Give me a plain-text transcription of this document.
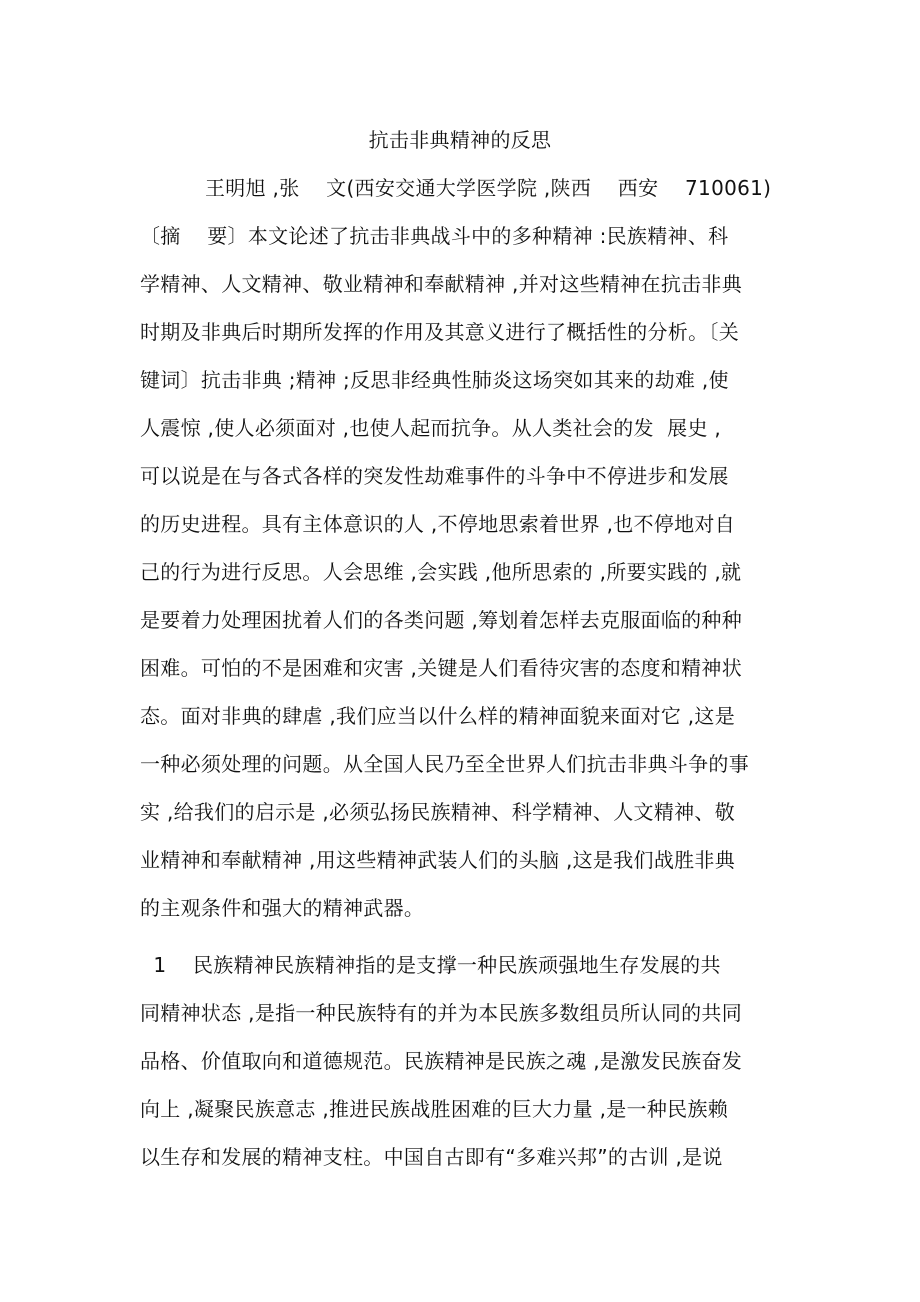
抗击非典精神的反思
王明旭 ,张    文(西安交通大学医学院 ,陕西    西安    710061)
〔摘    要〕本文论述了抗击非典战斗中的多种精神 :民族精神、科
学精神、人文精神、敬业精神和奉献精神 ,并对这些精神在抗击非典
时期及非典后时期所发挥的作用及其意义进行了概括性的分析。〔关
键词〕抗击非典 ;精神 ;反思非经典性肺炎这场突如其来的劫难 ,使
人震惊 ,使人必须面对 ,也使人起而抗争。从人类社会的发  展史 ,
可以说是在与各式各样的突发性劫难事件的斗争中不停进步和发展
的历史进程。具有主体意识的人 ,不停地思索着世界 ,也不停地对自
己的行为进行反思。人会思维 ,会实践 ,他所思索的 ,所要实践的 ,就
是要着力处理困扰着人们的各类问题 ,筹划着怎样去克服面临的种种
困难。可怕的不是困难和灾害 ,关键是人们看待灾害的态度和精神状
态。面对非典的肆虐 ,我们应当以什么样的精神面貌来面对它 ,这是
一种必须处理的问题。从全国人民乃至全世界人们抗击非典斗争的事
实 ,给我们的启示是 ,必须弘扬民族精神、科学精神、人文精神、敬
业精神和奉献精神 ,用这些精神武装人们的头脑 ,这是我们战胜非典
的主观条件和强大的精神武器。
1    民族精神民族精神指的是支撑一种民族顽强地生存发展的共
同精神状态 ,是指一种民族特有的并为本民族多数组员所认同的共同
品格、价值取向和道德规范。民族精神是民族之魂 ,是激发民族奋发
向上 ,凝聚民族意志 ,推进民族战胜困难的巨大力量 ,是一种民族赖
以生存和发展的精神支柱。中国自古即有“多难兴邦”的古训 ,是说
